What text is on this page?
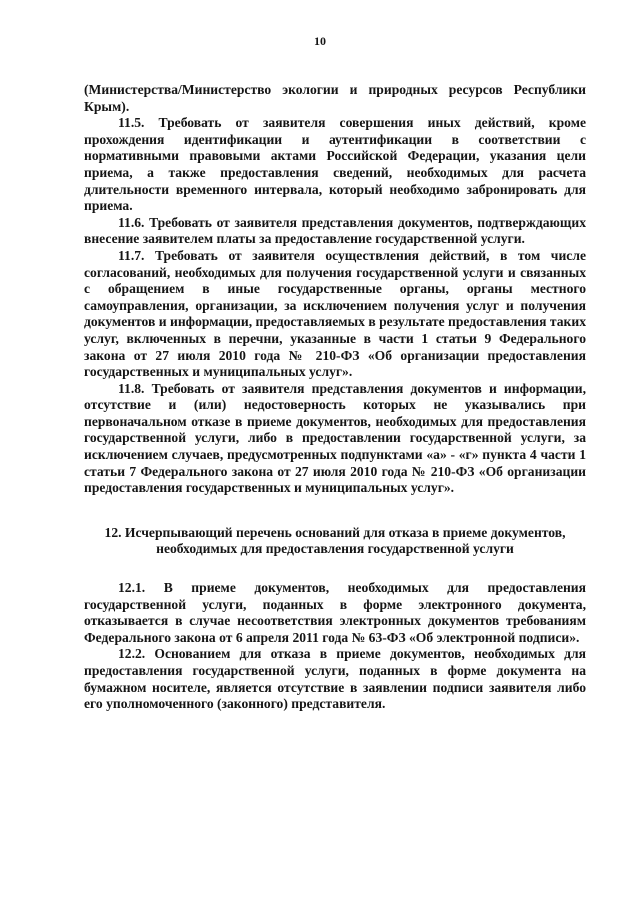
10

(Министерства/Министерство экологии и природных ресурсов Республики Крым).

11.5. Требовать от заявителя совершения иных действий, кроме прохождения идентификации и аутентификации в соответствии с нормативными правовыми актами Российской Федерации, указания цели приема, а также предоставления сведений, необходимых для расчета длительности временного интервала, который необходимо забронировать для приема.

11.6. Требовать от заявителя представления документов, подтверждающих внесение заявителем платы за предоставление государственной услуги.

11.7. Требовать от заявителя осуществления действий, в том числе согласований, необходимых для получения государственной услуги и связанных с обращением в иные государственные органы, органы местного самоуправления, организации, за исключением получения услуг и получения документов и информации, предоставляемых в результате предоставления таких услуг, включенных в перечни, указанные в части 1 статьи 9 Федерального закона от 27 июля 2010 года № 210-ФЗ «Об организации предоставления государственных и муниципальных услуг».

11.8. Требовать от заявителя представления документов и информации, отсутствие и (или) недостоверность которых не указывались при первоначальном отказе в приеме документов, необходимых для предоставления государственной услуги, либо в предоставлении государственной услуги, за исключением случаев, предусмотренных подпунктами «а» - «г» пункта 4 части 1 статьи 7 Федерального закона от 27 июля 2010 года № 210-ФЗ «Об организации предоставления государственных и муниципальных услуг».

12. Исчерпывающий перечень оснований для отказа в приеме документов, необходимых для предоставления государственной услуги

12.1. В приеме документов, необходимых для предоставления государственной услуги, поданных в форме электронного документа, отказывается в случае несоответствия электронных документов требованиям Федерального закона от 6 апреля 2011 года № 63-ФЗ «Об электронной подписи».

12.2. Основанием для отказа в приеме документов, необходимых для предоставления государственной услуги, поданных в форме документа на бумажном носителе, является отсутствие в заявлении подписи заявителя либо его уполномоченного (законного) представителя.
